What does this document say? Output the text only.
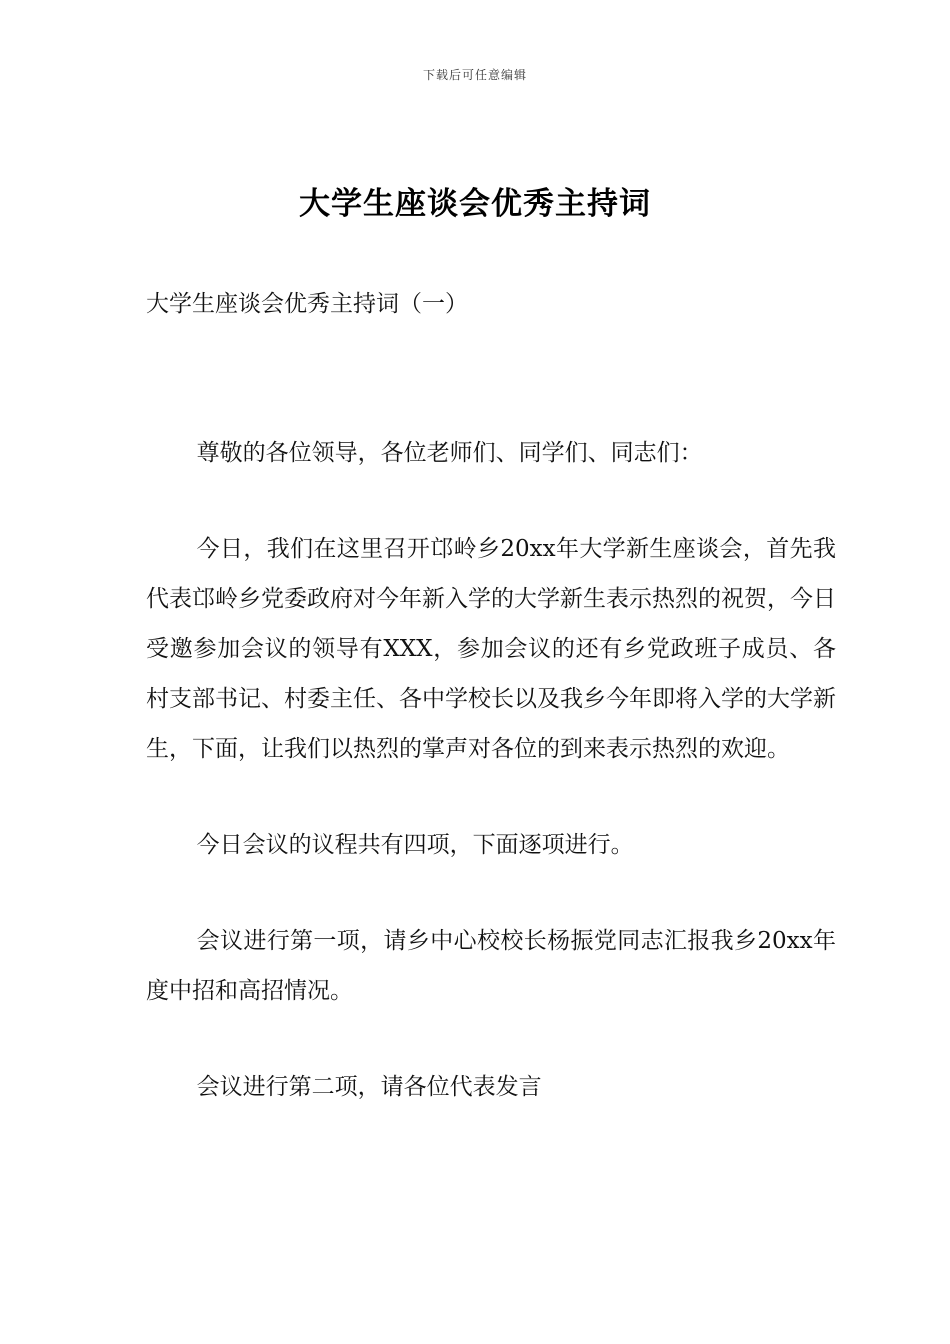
下载后可任意编辑
大学生座谈会优秀主持词
大学生座谈会优秀主持词（一）

尊敬的各位领导，各位老师们、同学们、同志们：

今日，我们在这里召开邙岭乡20xx年大学新生座谈会，首先我代表邙岭乡党委政府对今年新入学的大学新生表示热烈的祝贺，今日受邀参加会议的领导有XXX，参加会议的还有乡党政班子成员、各村支部书记、村委主任、各中学校长以及我乡今年即将入学的大学新生，下面，让我们以热烈的掌声对各位的到来表示热烈的欢迎。

今日会议的议程共有四项，下面逐项进行。

会议进行第一项，请乡中心校校长杨振党同志汇报我乡20xx年度中招和高招情况。

会议进行第二项，请各位代表发言
